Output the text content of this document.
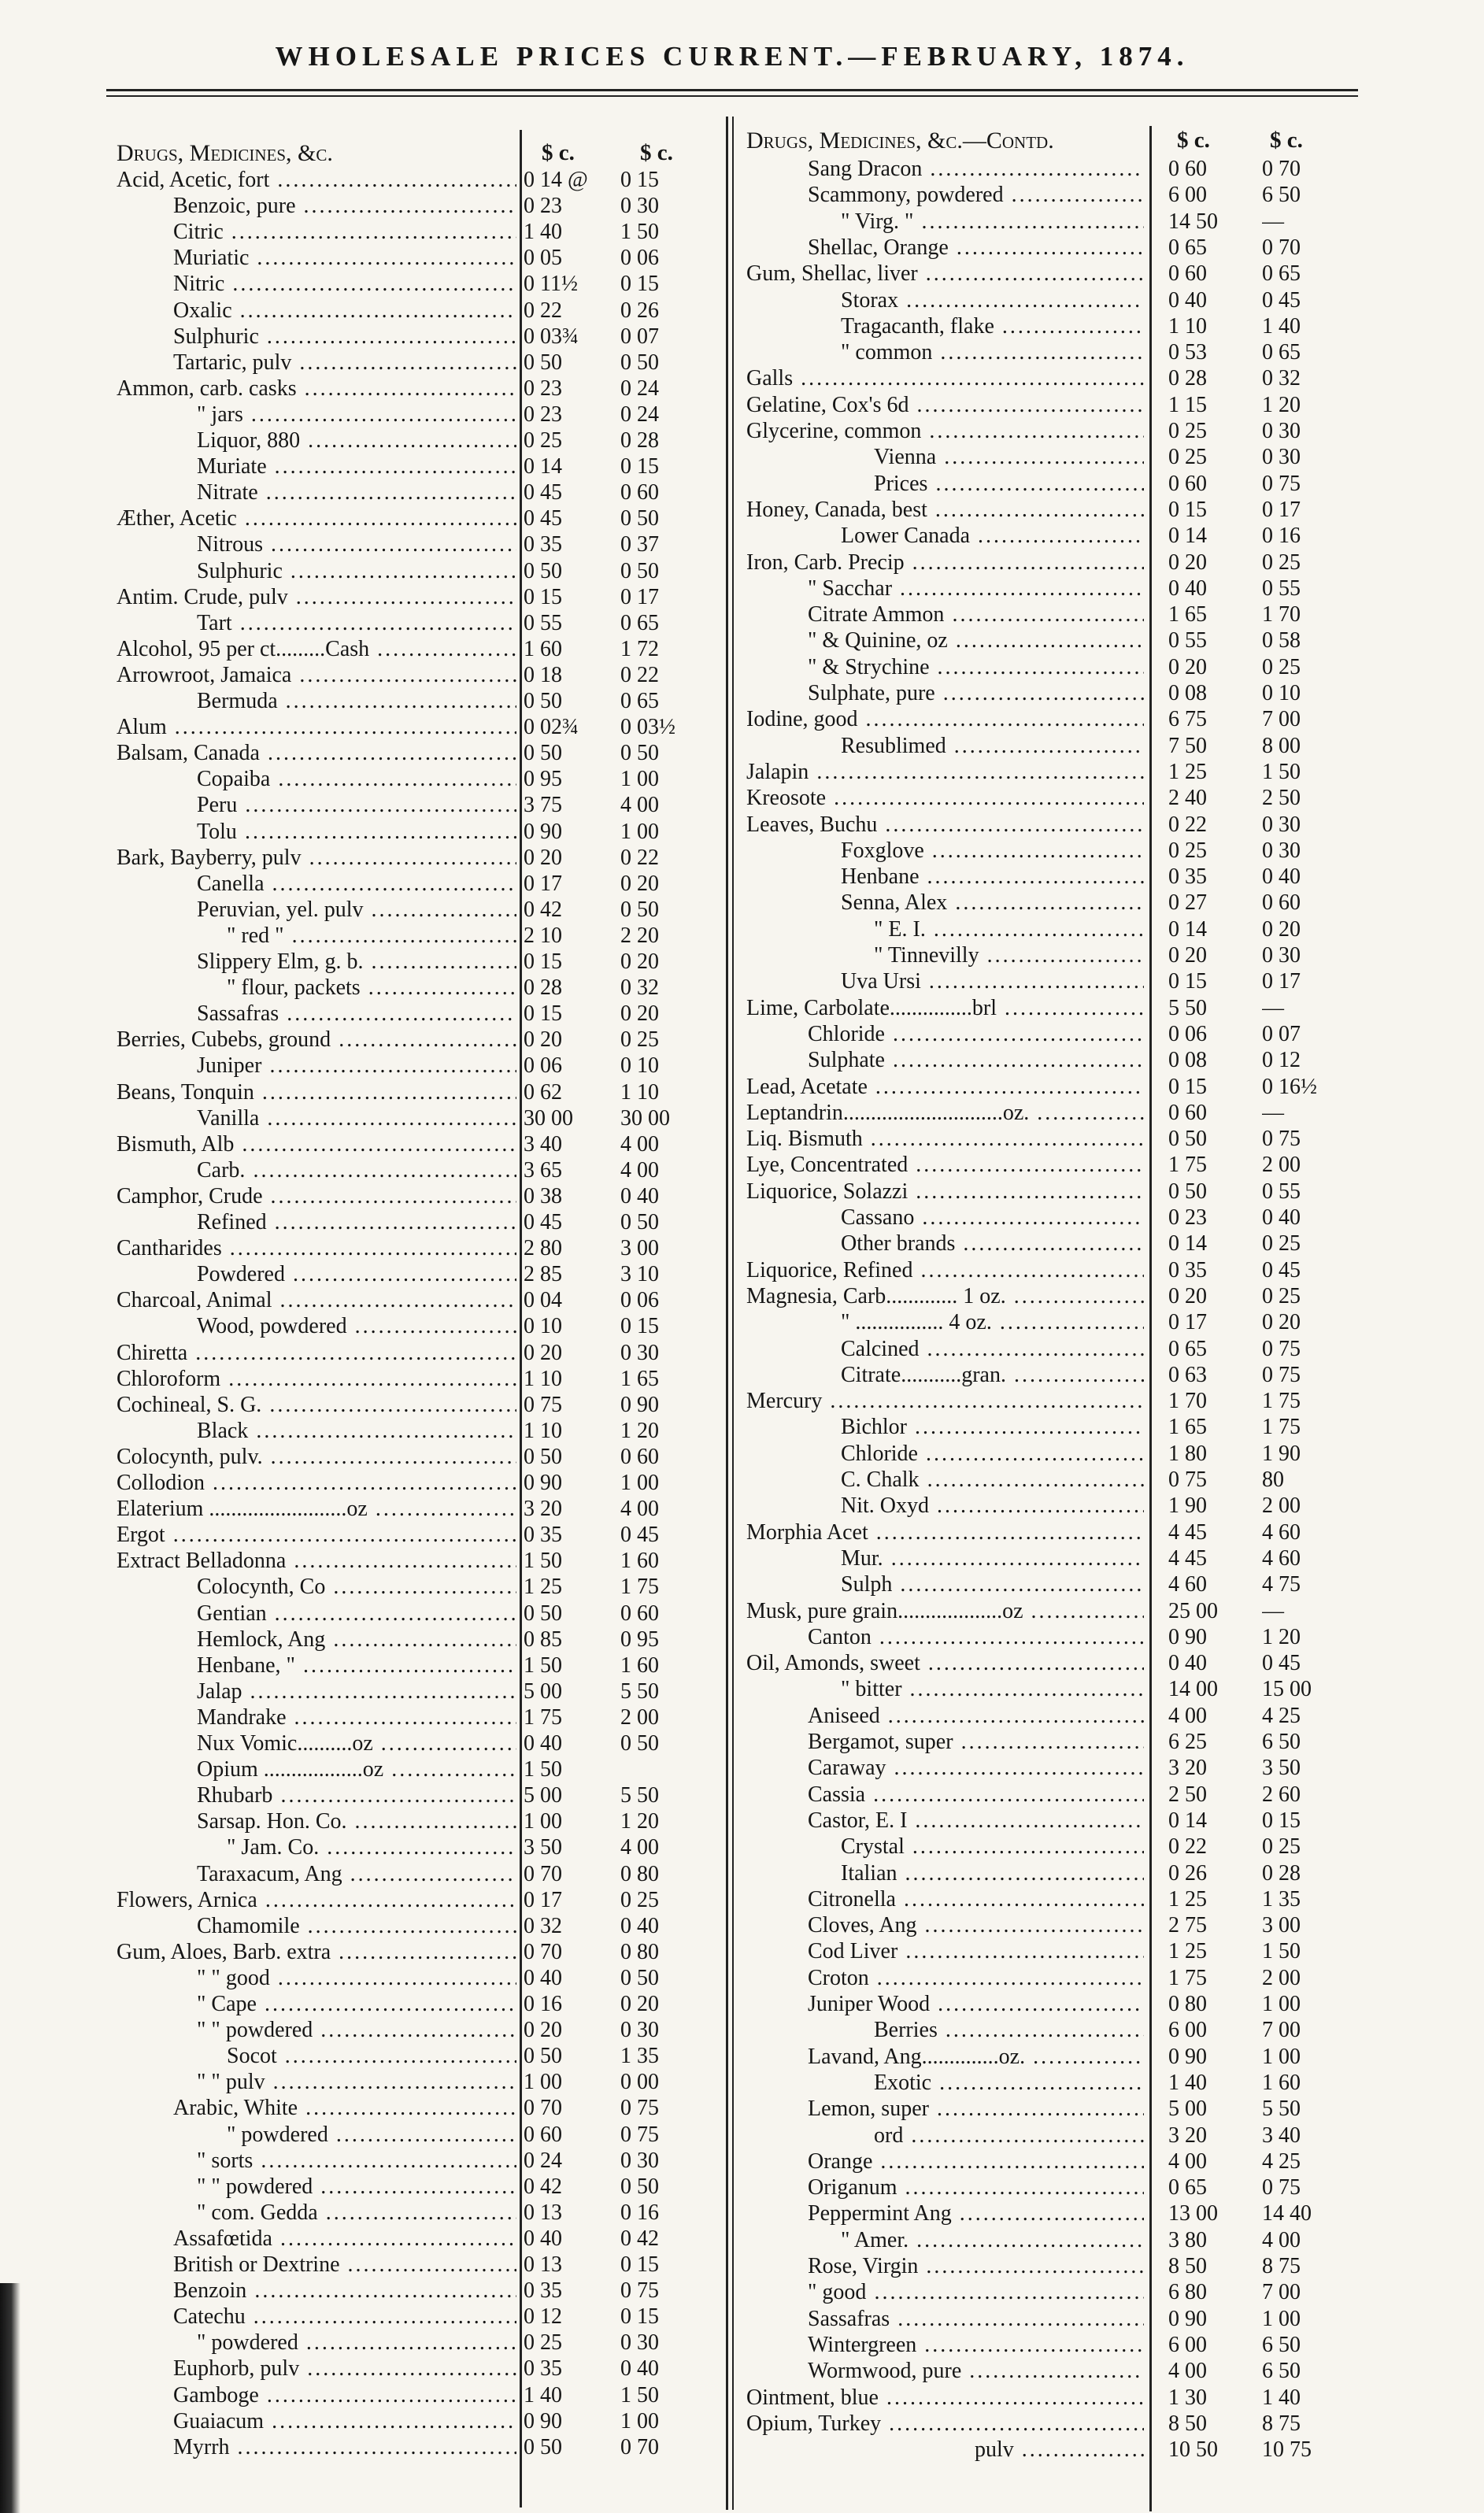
WHOLESALE PRICES CURRENT.—FEBRUARY, 1874.
Drugs, Medicines, &c.	$ c.	$ c.
Acid, Acetic, fort .....	0 14 @	0 15
Benzoic, pure .....	0 23	0 30
Citric .....	1 40	1 50
Muriatic .....	0 05	0 06
Nitric .....	0 11½	0 15
Oxalic .....	0 22	0 26
Sulphuric .....	0 03¾	0 07
Tartaric, pulv .....	0 50	0 50
Ammon, carb. casks .....	0 23	0 24
" jars .....	0 23	0 24
Liquor, 880 .....	0 25	0 28
Muriate .....	0 14	0 15
Nitrate .....	0 45	0 60
Æther, Acetic .....	0 45	0 50
Nitrous .....	0 35	0 37
Sulphuric .....	0 50	0 50
Antim. Crude, pulv .....	0 15	0 17
Tart .....	0 55	0 65
Alcohol, 95 per ct.........Cash .....	1 60	1 72
Arrowroot, Jamaica .....	0 18	0 22
Bermuda .....	0 50	0 65
Alum .....	0 02¾	0 03½
Balsam, Canada .....	0 50	0 50
Copaiba .....	0 95	1 00
Peru .....	3 75	4 00
Tolu .....	0 90	1 00
Bark, Bayberry, pulv .....	0 20	0 22
Canella .....	0 17	0 20
Peruvian, yel. pulv .....	0 42	0 50
" red " .....	2 10	2 20
Slippery Elm, g. b. .....	0 15	0 20
" flour, packets .....	0 28	0 32
Sassafras .....	0 15	0 20
Berries, Cubebs, ground .....	0 20	0 25
Juniper .....	0 06	0 10
Beans, Tonquin .....	0 62	1 10
Vanilla .....	30 00	30 00
Bismuth, Alb .....	3 40	4 00
Carb. .....	3 65	4 00
Camphor, Crude .....	0 38	0 40
Refined .....	0 45	0 50
Cantharides .....	2 80	3 00
Powdered .....	2 85	3 10
Charcoal, Animal .....	0 04	0 06
Wood, powdered .....	0 10	0 15
Chiretta .....	0 20	0 30
Chloroform .....	1 10	1 65
Cochineal, S. G. .....	0 75	0 90
Black .....	1 10	1 20
Colocynth, pulv. .....	0 50	0 60
Collodion .....	0 90	1 00
Elaterium .........................oz .....	3 20	4 00
Ergot .....	0 35	0 45
Extract Belladonna .....	1 50	1 60
Colocynth, Co .....	1 25	1 75
Gentian .....	0 50	0 60
Hemlock, Ang .....	0 85	0 95
Henbane, " .....	1 50	1 60
Jalap .....	5 00	5 50
Mandrake .....	1 75	2 00
Nux Vomic..........oz .....	0 40	0 50
Opium ..................oz .....	1 50
Rhubarb .....	5 00	5 50
Sarsap. Hon. Co. .....	1 00	1 20
" Jam. Co. .....	3 50	4 00
Taraxacum, Ang .....	0 70	0 80
Flowers, Arnica .....	0 17	0 25
Chamomile .....	0 32	0 40
Gum, Aloes, Barb. extra .....	0 70	0 80
" " good .....	0 40	0 50
" Cape .....	0 16	0 20
" " powdered .....	0 20	0 30
Socot .....	0 50	1 35
" " pulv .....	1 00	0 00
Arabic, White .....	0 70	0 75
" powdered .....	0 60	0 75
" sorts .....	0 24	0 30
" " powdered .....	0 42	0 50
" com. Gedda .....	0 13	0 16
Assafœtida .....	0 40	0 42
British or Dextrine .....	0 13	0 15
Benzoin .....	0 35	0 75
Catechu .....	0 12	0 15
" powdered .....	0 25	0 30
Euphorb, pulv .....	0 35	0 40
Gamboge .....	1 40	1 50
Guaiacum .....	0 90	1 00
Myrrh .....	0 50	0 70
Drugs, Medicines, &c.—Contd.	$ c.	$ c.
Sang Dracon .....	0 60	0 70
Scammony, powdered .....	6 00	6 50
" Virg. " .....	14 50	—
Shellac, Orange .....	0 65	0 70
Gum, Shellac, liver .....	0 60	0 65
Storax .....	0 40	0 45
Tragacanth, flake .....	1 10	1 40
" common .....	0 53	0 65
Galls .....	0 28	0 32
Gelatine, Cox's 6d .....	1 15	1 20
Glycerine, common .....	0 25	0 30
Vienna .....	0 25	0 30
Prices .....	0 60	0 75
Honey, Canada, best .....	0 15	0 17
Lower Canada .....	0 14	0 16
Iron, Carb. Precip .....	0 20	0 25
" Sacchar .....	0 40	0 55
Citrate Ammon .....	1 65	1 70
" & Quinine, oz .....	0 55	0 58
" & Strychine .....	0 20	0 25
Sulphate, pure .....	0 08	0 10
Iodine, good .....	6 75	7 00
Resublimed .....	7 50	8 00
Jalapin .....	1 25	1 50
Kreosote .....	2 40	2 50
Leaves, Buchu .....	0 22	0 30
Foxglove .....	0 25	0 30
Henbane .....	0 35	0 40
Senna, Alex .....	0 27	0 60
" E. I. .....	0 14	0 20
" Tinnevilly .....	0 20	0 30
Uva Ursi .....	0 15	0 17
Lime, Carbolate...............brl .....	5 50	—
Chloride .....	0 06	0 07
Sulphate .....	0 08	0 12
Lead, Acetate .....	0 15	0 16½
Leptandrin.............................oz. .....	0 60	—
Liq. Bismuth .....	0 50	0 75
Lye, Concentrated .....	1 75	2 00
Liquorice, Solazzi .....	0 50	0 55
Cassano .....	0 23	0 40
Other brands .....	0 14	0 25
Liquorice, Refined .....	0 35	0 45
Magnesia, Carb............. 1 oz. .....	0 20	0 25
" ................ 4 oz. .....	0 17	0 20
Calcined .....	0 65	0 75
Citrate...........gran. .....	0 63	0 75
Mercury .....	1 70	1 75
Bichlor .....	1 65	1 75
Chloride .....	1 80	1 90
C. Chalk .....	0 75	80
Nit. Oxyd .....	1 90	2 00
Morphia Acet .....	4 45	4 60
Mur. .....	4 45	4 60
Sulph .....	4 60	4 75
Musk, pure grain...................oz .....	25 00	—
Canton .....	0 90	1 20
Oil, Amonds, sweet .....	0 40	0 45
" bitter .....	14 00	15 00
Aniseed .....	4 00	4 25
Bergamot, super .....	6 25	6 50
Caraway .....	3 20	3 50
Cassia .....	2 50	2 60
Castor, E. I .....	0 14	0 15
Crystal .....	0 22	0 25
Italian .....	0 26	0 28
Citronella .....	1 25	1 35
Cloves, Ang .....	2 75	3 00
Cod Liver .....	1 25	1 50
Croton .....	1 75	2 00
Juniper Wood .....	0 80	1 00
Berries .....	6 00	7 00
Lavand, Ang..............oz. .....	0 90	1 00
Exotic .....	1 40	1 60
Lemon, super .....	5 00	5 50
ord .....	3 20	3 40
Orange .....	4 00	4 25
Origanum .....	0 65	0 75
Peppermint Ang .....	13 00	14 40
" Amer. .....	3 80	4 00
Rose, Virgin .....	8 50	8 75
" good .....	6 80	7 00
Sassafras .....	0 90	1 00
Wintergreen .....	6 00	6 50
Wormwood, pure .....	4 00	6 50
Ointment, blue .....	1 30	1 40
Opium, Turkey .....	8 50	8 75
pulv .....	10 50	10 75
